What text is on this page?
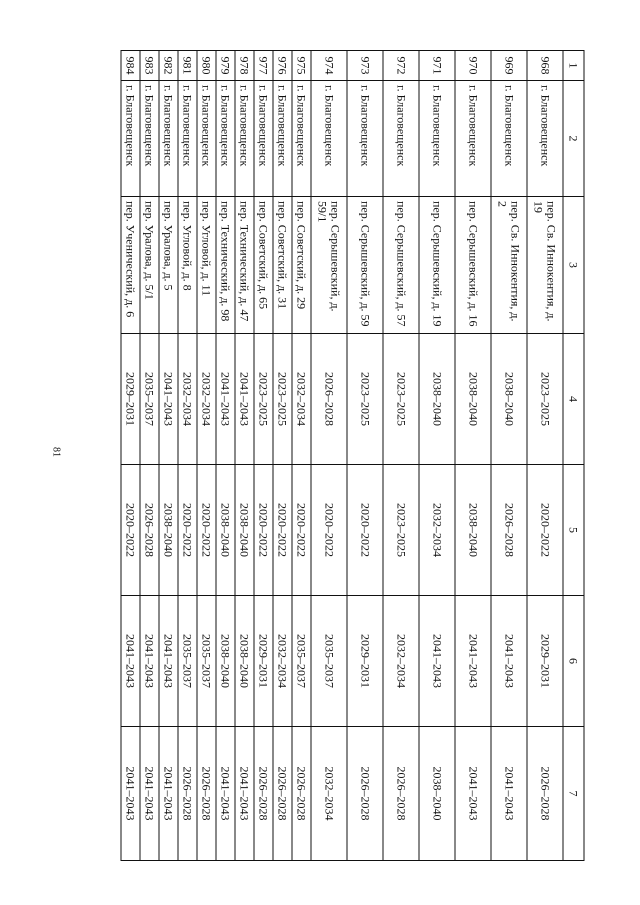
81
1	2	3	4	5	6	7
968	г. Благовещенск	пер. Св. Иннокентия, д. 19	2023–2025	2020–2022	2029–2031	2026–2028
969	г. Благовещенск	пер. Св. Иннокентия, д. 2	2038–2040	2026–2028	2041–2043	2041–2043
970	г. Благовещенск	пер. Серышевский, д. 16	2038–2040	2038–2040	2041–2043	2041–2043
971	г. Благовещенск	пер. Серышевский, д. 19	2038–2040	2032–2034	2041–2043	2038–2040
972	г. Благовещенск	пер. Серышевский, д. 57	2023–2025	2023–2025	2032–2034	2026–2028
973	г. Благовещенск	пер. Серышевский, д. 59	2023–2025	2020–2022	2029–2031	2026–2028
974	г. Благовещенск	пер. Серышевский, д. 59/1	2026–2028	2020–2022	2035–2037	2032–2034
975	г. Благовещенск	пер. Советский, д. 29	2032–2034	2020–2022	2035–2037	2026–2028
976	г. Благовещенск	пер. Советский, д. 31	2023–2025	2020–2022	2032–2034	2026–2028
977	г. Благовещенск	пер. Советский, д. 65	2023–2025	2020–2022	2029–2031	2026–2028
978	г. Благовещенск	пер. Технический, д. 47	2041–2043	2038–2040	2038–2040	2041–2043
979	г. Благовещенск	пер. Технический, д. 98	2041–2043	2038–2040	2038–2040	2041–2043
980	г. Благовещенск	пер. Угловой, д. 11	2032–2034	2020–2022	2035–2037	2026–2028
981	г. Благовещенск	пер. Угловой, д. 8	2032–2034	2020–2022	2035–2037	2026–2028
982	г. Благовещенск	пер. Уралова, д. 5	2041–2043	2038–2040	2041–2043	2041–2043
983	г. Благовещенск	пер. Уралова, д. 5/1	2035–2037	2026–2028	2041–2043	2041–2043
984	г. Благовещенск	пер. Ученический, д. 6	2029–2031	2020–2022	2041–2043	2041–2043
